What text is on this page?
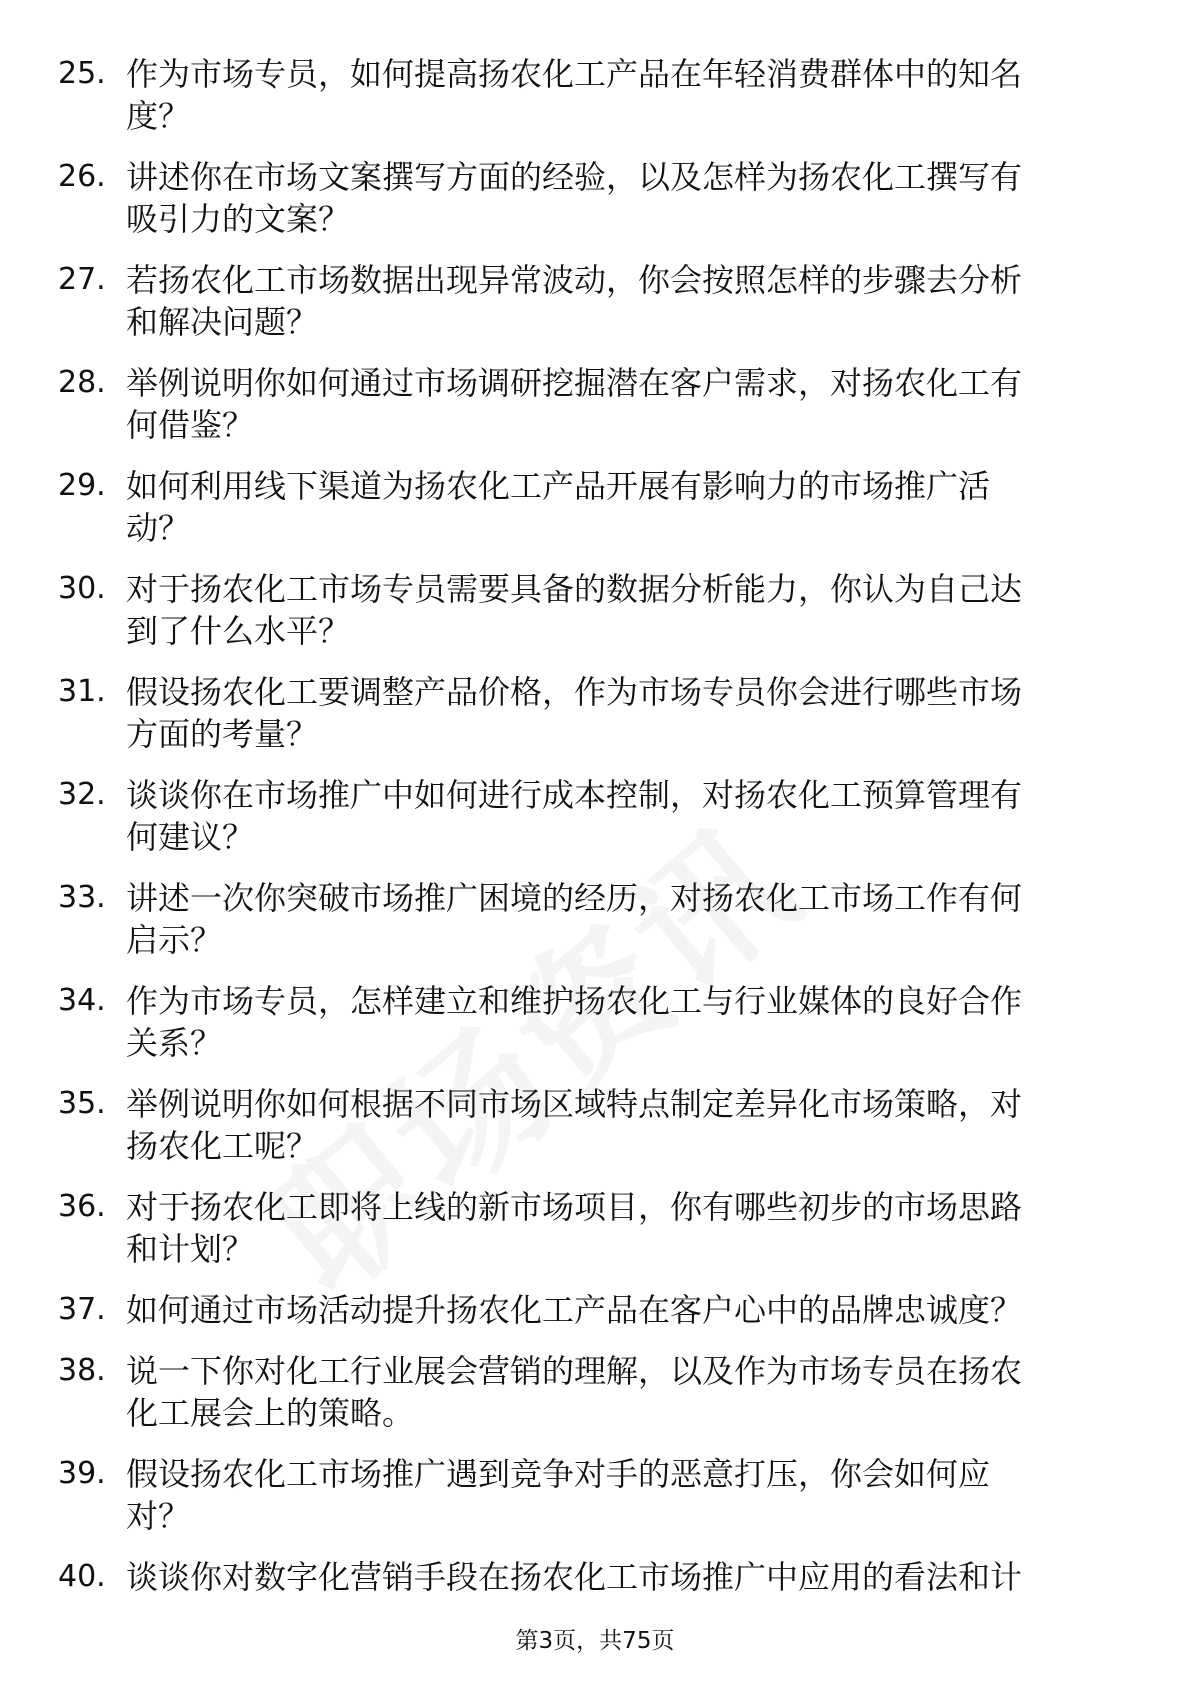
25. 作为市场专员，如何提高扬农化工产品在年轻消费群体中的知名
度？
26. 讲述你在市场文案撰写方面的经验，以及怎样为扬农化工撰写有
吸引力的文案？
27. 若扬农化工市场数据出现异常波动，你会按照怎样的步骤去分析
和解决问题？
28. 举例说明你如何通过市场调研挖掘潜在客户需求，对扬农化工有
何借鉴？
29. 如何利用线下渠道为扬农化工产品开展有影响力的市场推广活
动？
30. 对于扬农化工市场专员需要具备的数据分析能力，你认为自己达
到了什么水平？
31. 假设扬农化工要调整产品价格，作为市场专员你会进行哪些市场
方面的考量？
32. 谈谈你在市场推广中如何进行成本控制，对扬农化工预算管理有
何建议？
33. 讲述一次你突破市场推广困境的经历，对扬农化工市场工作有何
启示？
34. 作为市场专员，怎样建立和维护扬农化工与行业媒体的良好合作
关系？
35. 举例说明你如何根据不同市场区域特点制定差异化市场策略，对
扬农化工呢？
36. 对于扬农化工即将上线的新市场项目，你有哪些初步的市场思路
和计划？
37. 如何通过市场活动提升扬农化工产品在客户心中的品牌忠诚度？
38. 说一下你对化工行业展会营销的理解，以及作为市场专员在扬农
化工展会上的策略。
39. 假设扬农化工市场推广遇到竞争对手的恶意打压，你会如何应
对？
40. 谈谈你对数字化营销手段在扬农化工市场推广中应用的看法和计
第3页，共75页
